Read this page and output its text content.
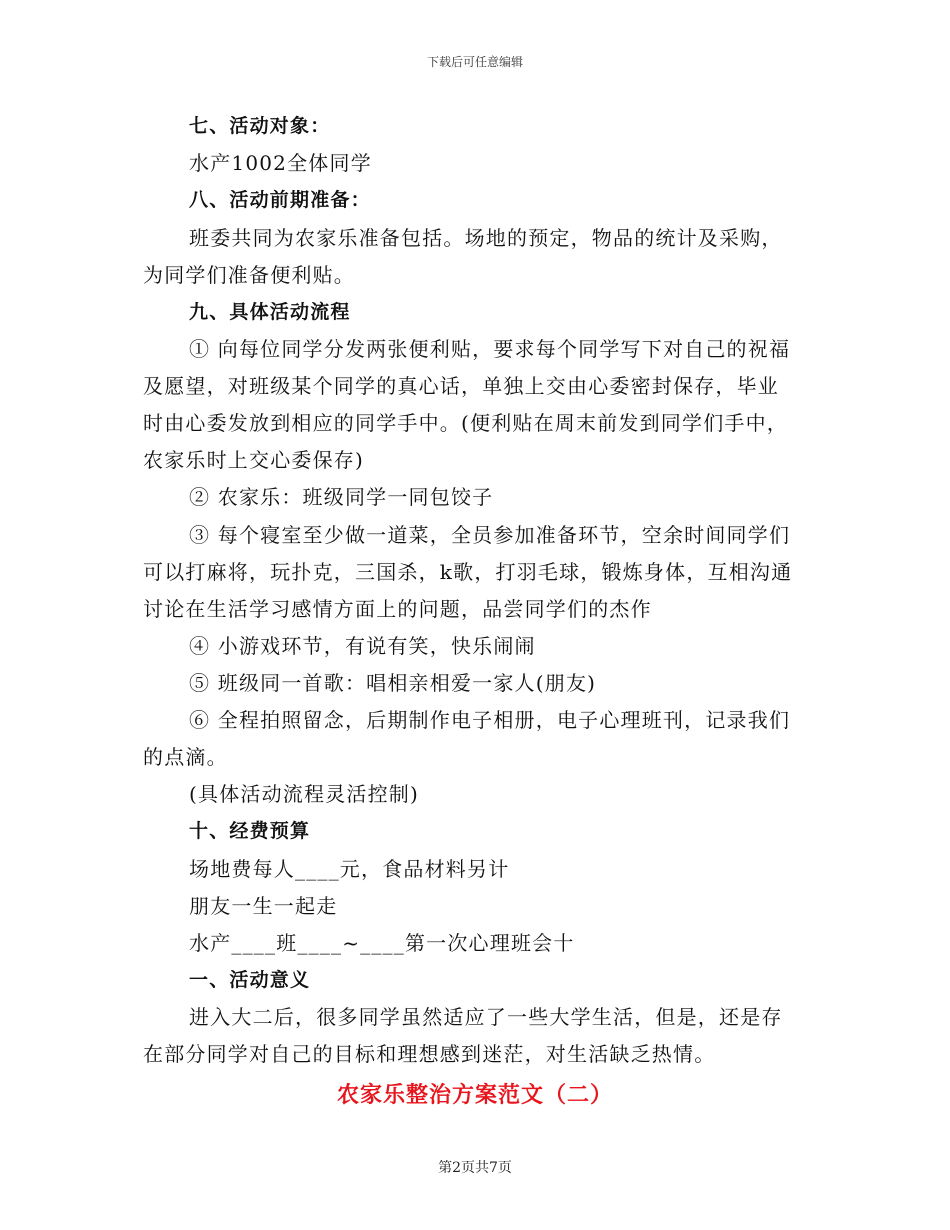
下载后可任意编辑
七、活动对象：
水产1002全体同学
八、活动前期准备：
班委共同为农家乐准备包括。场地的预定，物品的统计及采购，
为同学们准备便利贴。
九、具体活动流程
① 向每位同学分发两张便利贴，要求每个同学写下对自己的祝福
及愿望，对班级某个同学的真心话，单独上交由心委密封保存，毕业
时由心委发放到相应的同学手中。(便利贴在周末前发到同学们手中，
农家乐时上交心委保存)
② 农家乐：班级同学一同包饺子
③ 每个寝室至少做一道菜，全员参加准备环节，空余时间同学们
可以打麻将，玩扑克，三国杀，k歌，打羽毛球，锻炼身体，互相沟通
讨论在生活学习感情方面上的问题，品尝同学们的杰作
④ 小游戏环节，有说有笑，快乐闹闹
⑤ 班级同一首歌：唱相亲相爱一家人(朋友)
⑥ 全程拍照留念，后期制作电子相册，电子心理班刊，记录我们
的点滴。
(具体活动流程灵活控制)
十、经费预算
场地费每人____元，食品材料另计
朋友一生一起走
水产____班____~____第一次心理班会十
一、活动意义
进入大二后，很多同学虽然适应了一些大学生活，但是，还是存
在部分同学对自己的目标和理想感到迷茫，对生活缺乏热情。
农家乐整治方案范文（二）
第2页共7页
